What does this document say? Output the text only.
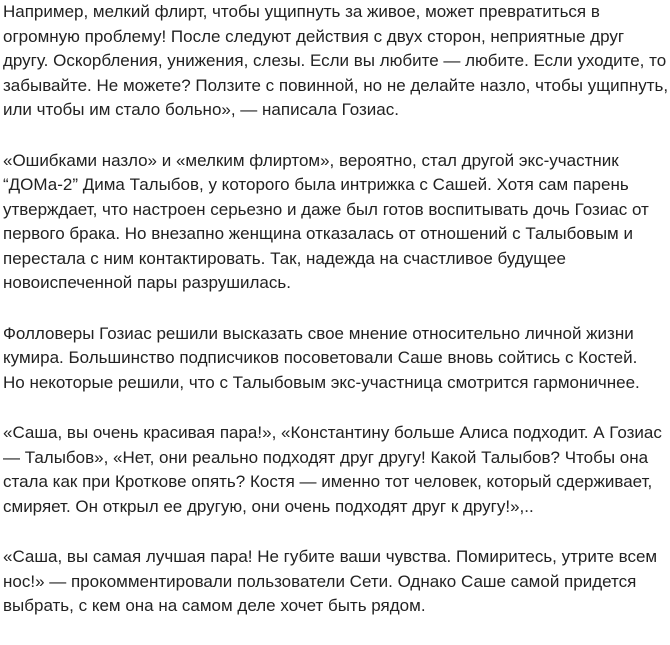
Например, мелкий флирт, чтобы ущипнуть за живое, может превратиться в
огромную проблему! После следуют действия с двух сторон, неприятные друг
другу. Оскорбления, унижения, слезы. Если вы любите — любите. Если уходите, то
забывайте. Не можете? Ползите с повинной, но не делайте назло, чтобы ущипнуть,
или чтобы им стало больно», — написала Гозиас.

«Ошибками назло» и «мелким флиртом», вероятно, стал другой экс-участник
“ДОМа-2” Дима Талыбов, у которого была интрижка с Сашей. Хотя сам парень
утверждает, что настроен серьезно и даже был готов воспитывать дочь Гозиас от
первого брака. Но внезапно женщина отказалась от отношений с Талыбовым и
перестала с ним контактировать. Так, надежда на счастливое будущее
новоиспеченной пары разрушилась.

Фолловеры Гозиас решили высказать свое мнение относительно личной жизни
кумира. Большинство подписчиков посоветовали Саше вновь сойтись с Костей.
Но некоторые решили, что с Талыбовым экс-участница смотрится гармоничнее.

«Саша, вы очень красивая пара!», «Константину больше Алиса подходит. А Гозиас
— Талыбов», «Нет, они реально подходят друг другу! Какой Талыбов? Чтобы она
стала как при Кроткове опять? Костя — именно тот человек, который сдерживает,
смиряет. Он открыл ее другую, они очень подходят друг к другу!»,..

«Саша, вы самая лучшая пара! Не губите ваши чувства. Помиритесь, утрите всем
нос!» — прокомментировали пользователи Сети. Однако Саше самой придется
выбрать, с кем она на самом деле хочет быть рядом.
